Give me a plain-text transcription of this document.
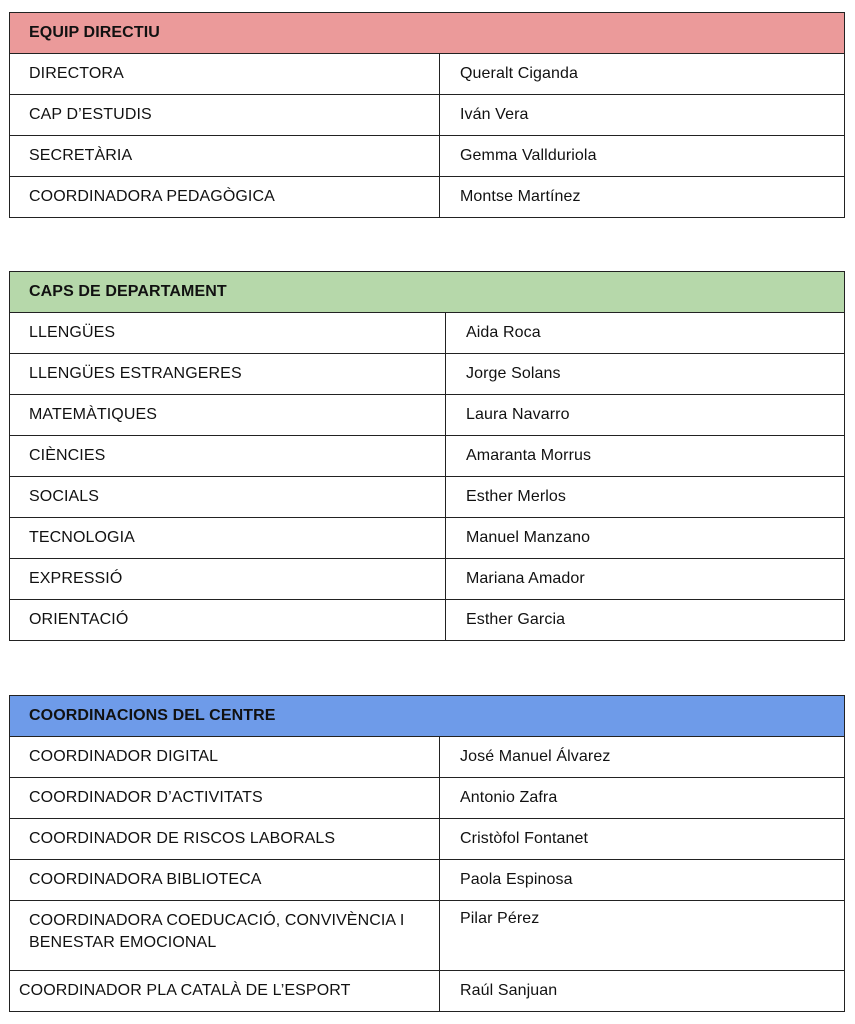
EQUIP DIRECTIU	
DIRECTORA	Queralt Ciganda
CAP D’ESTUDIS	Iván Vera
SECRETÀRIA	Gemma Vallduriola
COORDINADORA PEDAGÒGICA	Montse Martínez
CAPS DE DEPARTAMENT	
LLENGÜES	Aida Roca
LLENGÜES ESTRANGERES	Jorge Solans
MATEMÀTIQUES	Laura Navarro
CIÈNCIES	Amaranta Morrus
SOCIALS	Esther Merlos
TECNOLOGIA	Manuel Manzano
EXPRESSIÓ	Mariana Amador
ORIENTACIÓ	Esther Garcia
COORDINACIONS DEL CENTRE	
COORDINADOR DIGITAL	José Manuel Álvarez
COORDINADOR D’ACTIVITATS	Antonio Zafra
COORDINADOR DE RISCOS LABORALS	Cristòfol Fontanet
COORDINADORA BIBLIOTECA	Paola Espinosa
COORDINADORA COEDUCACIÓ, CONVIVÈNCIA I BENESTAR EMOCIONAL	Pilar Pérez
COORDINADOR PLA CATALÀ DE L’ESPORT	Raúl Sanjuan
